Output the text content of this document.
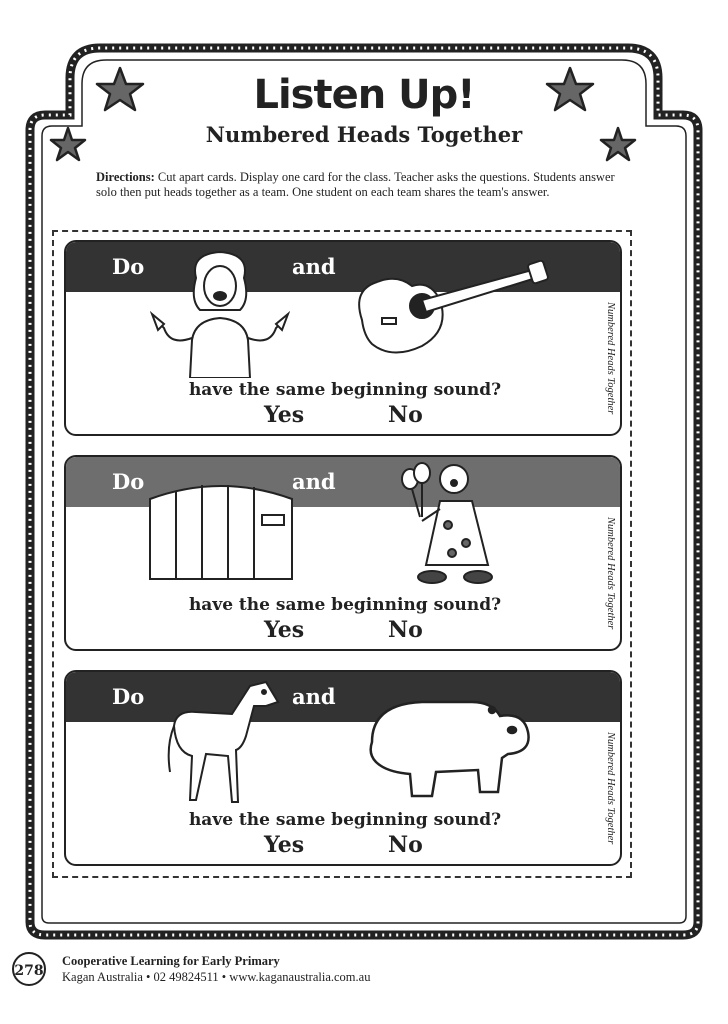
Listen Up!
Numbered Heads Together
Directions: Cut apart cards. Display one card for the class. Teacher asks the questions. Students answer solo then put heads together as a team. One student on each team shares the team's answer.
Do	and
have the same beginning sound?
Yes	No
Numbered Heads Together
Do	and
have the same beginning sound?
Yes	No
Numbered Heads Together
Do	and
have the same beginning sound?
Yes	No
Numbered Heads Together
278
Cooperative Learning for Early Primary
Kagan Australia • 02 49824511 • www.kaganaustralia.com.au
